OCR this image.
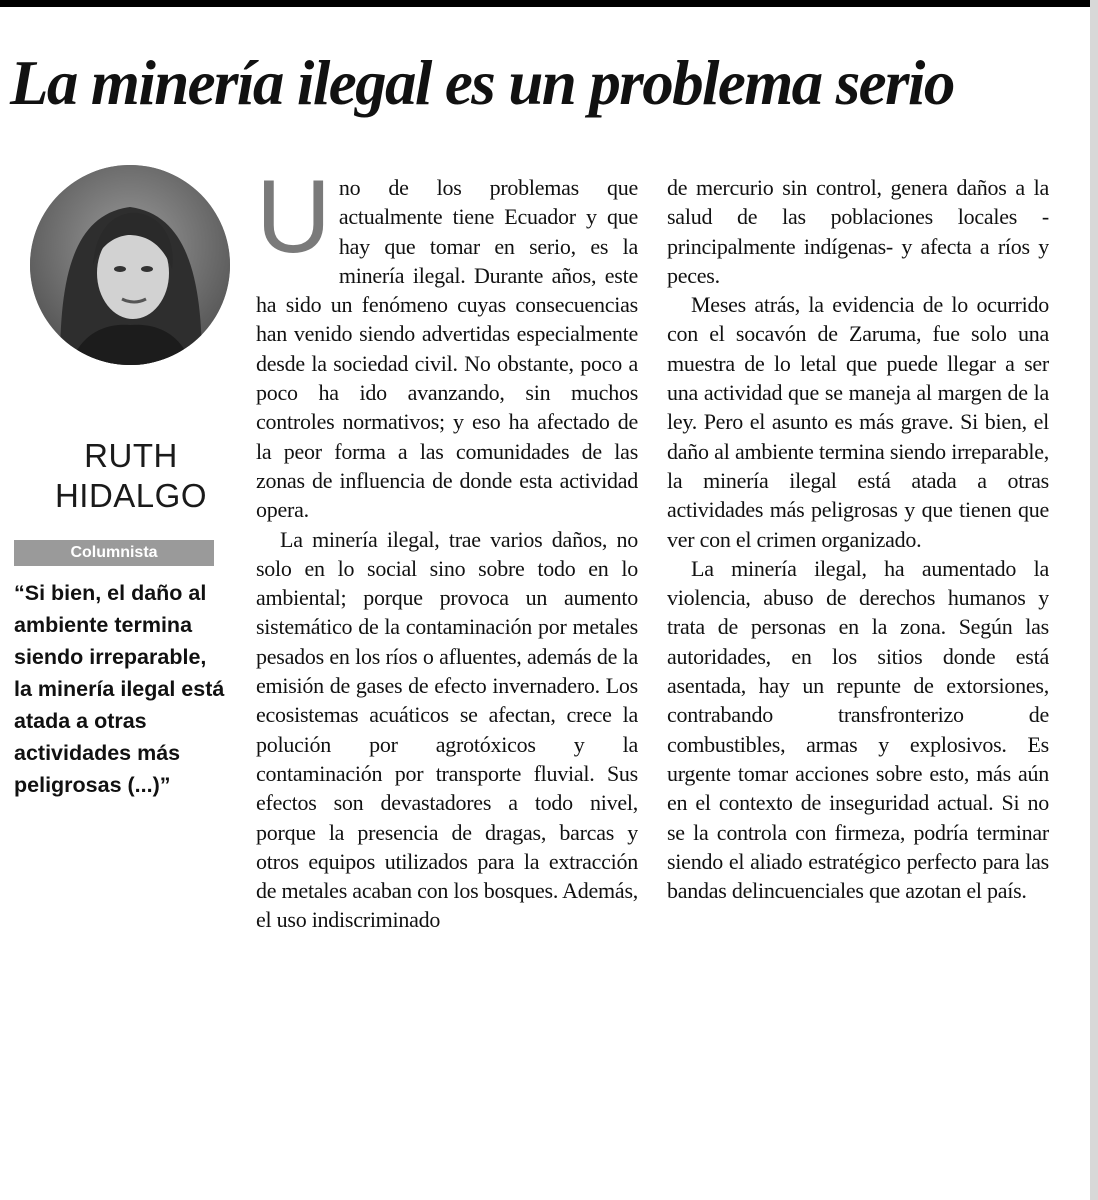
La minería ilegal es un problema serio
RUTH
HIDALGO
Columnista

“Si bien, el daño al ambiente termina siendo irreparable, la minería ilegal está atada a otras actividades más peligrosas (...)”

Uno de los problemas que actualmente tiene Ecuador y que hay que tomar en serio, es la minería ilegal. Durante años, este ha sido un fenómeno cuyas consecuencias han venido siendo advertidas especialmente desde la sociedad civil. No obstante, poco a poco ha ido avanzando, sin muchos controles normativos; y eso ha afectado de la peor forma a las comunidades de las zonas de influencia de donde esta actividad opera.

La minería ilegal, trae varios daños, no solo en lo social sino sobre todo en lo ambiental; porque provoca un aumento sistemático de la contaminación por metales pesados en los ríos o afluentes, además de la emisión de gases de efecto invernadero. Los ecosistemas acuáticos se afectan, crece la polución por agrotóxicos y la contaminación por transporte fluvial. Sus efectos son devastadores a todo nivel, porque la presencia de dragas, barcas y otros equipos utilizados para la extracción de metales acaban con los bosques. Además, el uso indiscriminado

de mercurio sin control, genera daños a la salud de las poblaciones locales -principalmente indígenas- y afecta a ríos y peces.

Meses atrás, la evidencia de lo ocurrido con el socavón de Zaruma, fue solo una muestra de lo letal que puede llegar a ser una actividad que se maneja al margen de la ley. Pero el asunto es más grave. Si bien, el daño al ambiente termina siendo irreparable, la minería ilegal está atada a otras actividades más peligrosas y que tienen que ver con el crimen organizado.

La minería ilegal, ha aumentado la violencia, abuso de derechos humanos y trata de personas en la zona. Según las autoridades, en los sitios donde está asentada, hay un repunte de extorsiones, contrabando transfronterizo de combustibles, armas y explosivos. Es urgente tomar acciones sobre esto, más aún en el contexto de inseguridad actual. Si no se la controla con firmeza, podría terminar siendo el aliado estratégico perfecto para las bandas delincuenciales que azotan el país.
